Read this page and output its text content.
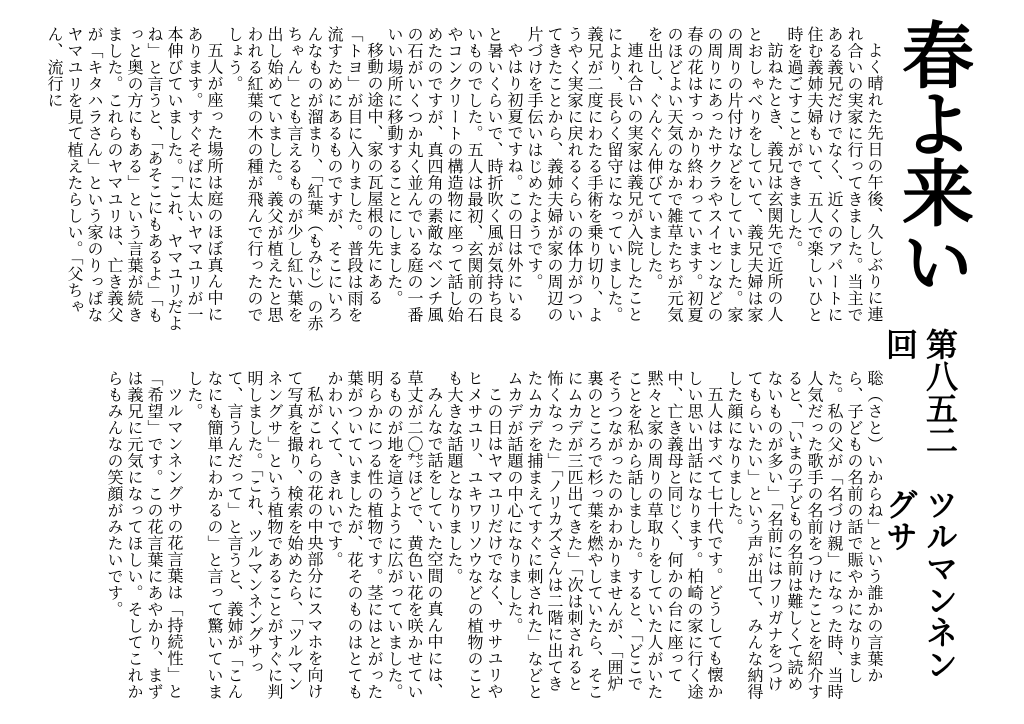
春よ来い
第八五二回
ツルマンネングサ

よく晴れた先日の午後、久しぶりに連れ合いの実家に行ってきました。当主である義兄だけでなく、近くのアパートに住む義姉夫婦もいて、五人で楽しいひと時を過ごすことができました。

訪ねたとき、義兄は玄関先で近所の人とおしゃべりをしていて、義兄夫婦は家の周りの片付けなどをしていました。家の周りにあったサクラやスイセンなどの春の花はすっかり終わっています。初夏のほどよい天気のなかで雑草たちが元気を出し、ぐんぐん伸びていました。

連れ合いの実家は義兄が入院したことにより、長らく留守になっていました。義兄が二度にわたる手術を乗り切り、ようやく実家に戻れるくらいの体力がついてきたことから、義姉夫婦が家の周辺の片づけを手伝いはじめたようです。

やはり初夏ですね。この日は外にいると暑いくらいで、時折吹く風が気持ち良いものでした。五人は最初、玄関前の石やコンクリートの構造物に座って話し始めたのですが、真四角の素敵なベンチ風の石がいくつか丸く並んでいる庭の一番いい場所に移動することにしました。

移動の途中、家の瓦屋根の先にある「トヨ」が目に入りました。普段は雨を流すためにあるものですが、そこにいろんなものが溜まり、「紅葉（もみじ）の赤ちゃん」とも言えるものが少し紅い葉を出し始めていました。義父が植えたと思われる紅葉の木の種が飛んで行ったのでしょう。

五人が座った場所は庭のほぼ真ん中にあります。すぐそばに太いヤマユリが一本伸びていました。「これ、ヤマユリだよね」と言うと、「あそこにもあるよ」「もっと奥の方にもある」という言葉が続きました。これらのヤマユリは、亡き義父が「キタハラさん」という家のりっぱなヤマユリを見て植えたらしい。「父ちゃん、流行に

聡（さと）いからね」という誰かの言葉から、子どもの名前の話で賑やかになりました。私の父が「名づけ親」になった時、当時人気だった歌手の名前をつけたことを紹介すると、「いまの子どもの名前は難しくて読めないものが多い」「名前にはフリガナをつけてもらいたい」という声が出て、みんな納得した顔になりました。

五人はすべて七十代です。どうしても懐かしい思い出話になります。柏崎の家に行く途中、亡き義母と同じく、何かの台に座って黙々と家の周りの草取りをしていた人がいたことを私から話しました。すると、「どこでそうつながったのかわかりませんが、「囲炉裏のところで杉っ葉を燃やしていたら、そこにムカデが三匹出てきた」「次は刺されると怖くなった」「ノリカズさんは二階に出てきたムカデを捕まえてすぐに刺された」などとムカデが話題の中心になりました。

この日はヤマユリだけでなく、ササユリやヒメサユリ、ユキワリソウなどの植物のことも大きな話題となりました。

みんなで話をしていた空間の真ん中には、草丈が二〇㌢ほどで、黄色い花を咲かせているものが地を這うように広がっていました。明らかにつる性の植物です。茎にはとがった葉がついていましたが、花そのものはとてもかわいくて、きれいです。

私がこれらの花の中央部分にスマホを向けて写真を撮り、検索を始めたら、「ツルマンネングサ」という植物であることがすぐに判明しました。「これ、ツルマンネングサって、言うんだって」と言うと、義姉が「こんなにも簡単にわかるの」と言って驚いていました。

ツルマンネングサの花言葉は「持続性」と「希望」です。この花言葉にあやかり、まずは義兄に元気になってほしい。そしてこれからもみんなの笑顔がみたいです。
